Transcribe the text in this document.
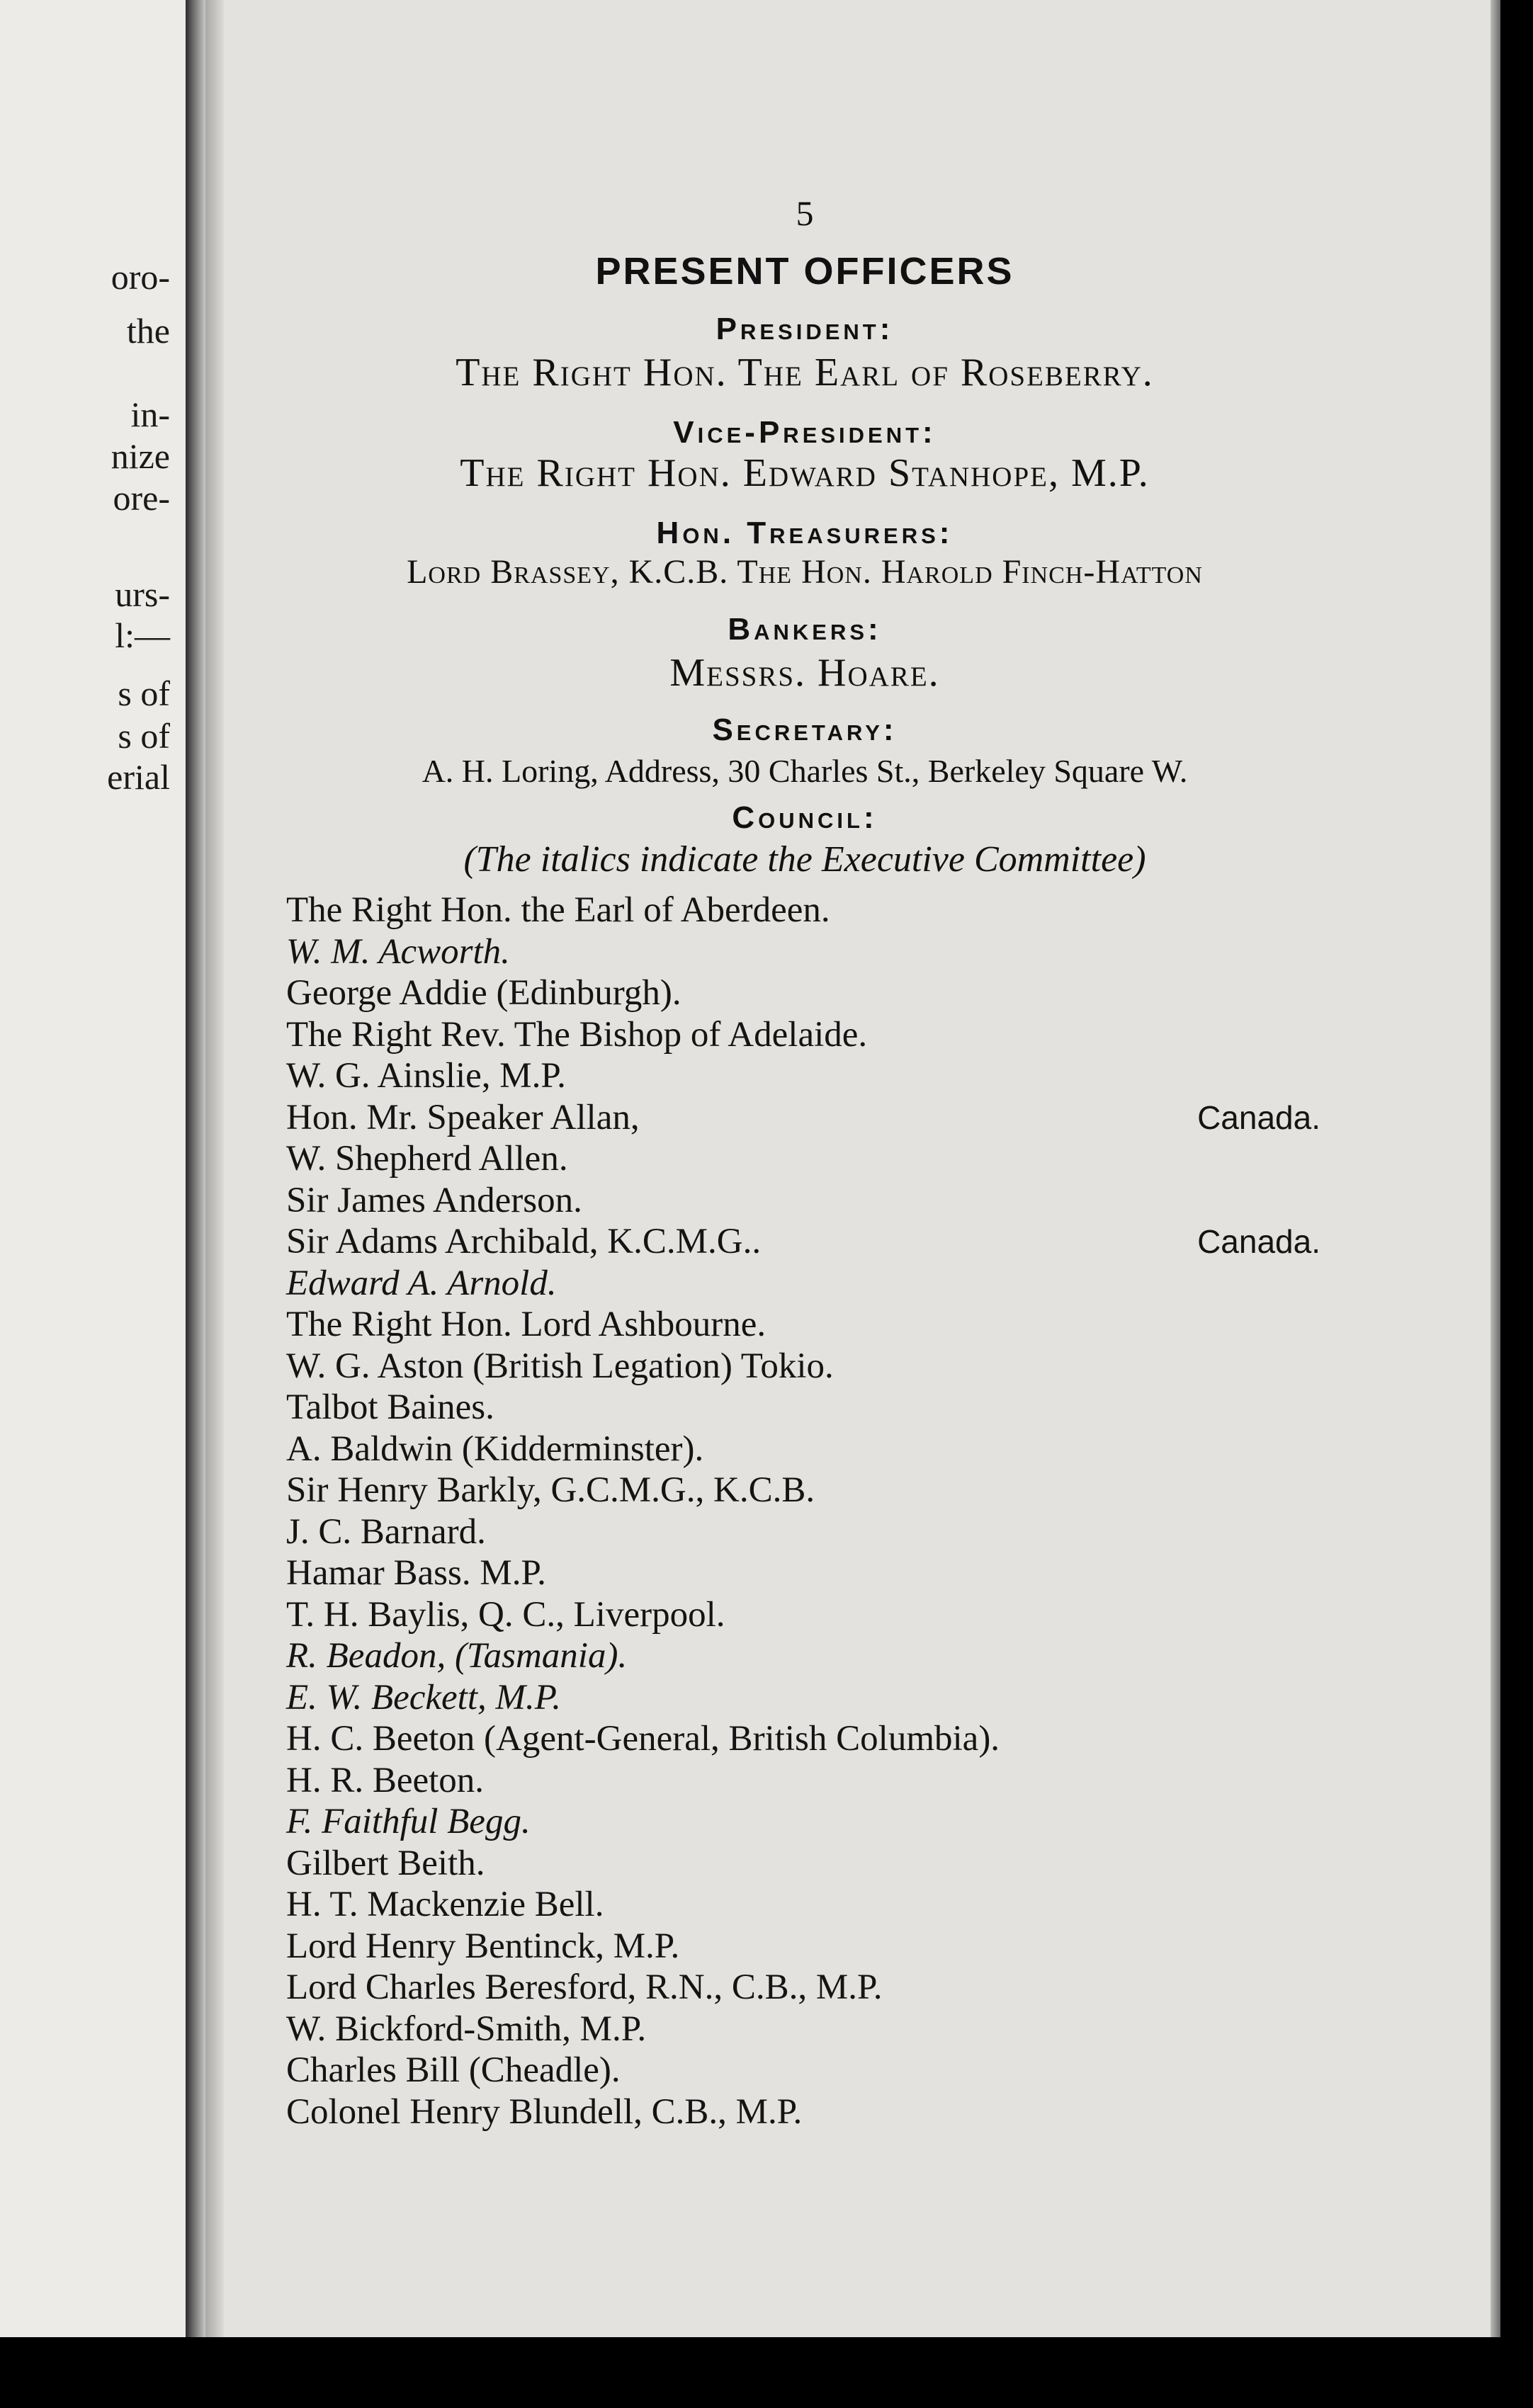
oro-
the
in-
nize
ore-
urs-
l:—
s of
s of
erial
5
PRESENT OFFICERS
President:
The Right Hon. The Earl of Roseberry.
Vice-President:
The Right Hon. Edward Stanhope, M.P.
Hon. Treasurers:
Lord Brassey, K.C.B. The Hon. Harold Finch-Hatton
Bankers:
Messrs. Hoare.
Secretary:
A. H. Loring, Address, 30 Charles St., Berkeley Square W.
Council:
(The italics indicate the Executive Committee)
The Right Hon. the Earl of Aberdeen.
W. M. Acworth.
George Addie (Edinburgh).
The Right Rev. The Bishop of Adelaide.
W. G. Ainslie, M.P.
Hon. Mr. Speaker Allan,	Canada.
W. Shepherd Allen.
Sir James Anderson.
Sir Adams Archibald, K.C.M.G..	Canada.
Edward A. Arnold.
The Right Hon. Lord Ashbourne.
W. G. Aston (British Legation) Tokio.
Talbot Baines.
A. Baldwin (Kidderminster).
Sir Henry Barkly, G.C.M.G., K.C.B.
J. C. Barnard.
Hamar Bass. M.P.
T. H. Baylis, Q. C., Liverpool.
R. Beadon, (Tasmania).
E. W. Beckett, M.P.
H. C. Beeton (Agent-General, British Columbia).
H. R. Beeton.
F. Faithful Begg.
Gilbert Beith.
H. T. Mackenzie Bell.
Lord Henry Bentinck, M.P.
Lord Charles Beresford, R.N., C.B., M.P.
W. Bickford-Smith, M.P.
Charles Bill (Cheadle).
Colonel Henry Blundell, C.B., M.P.
